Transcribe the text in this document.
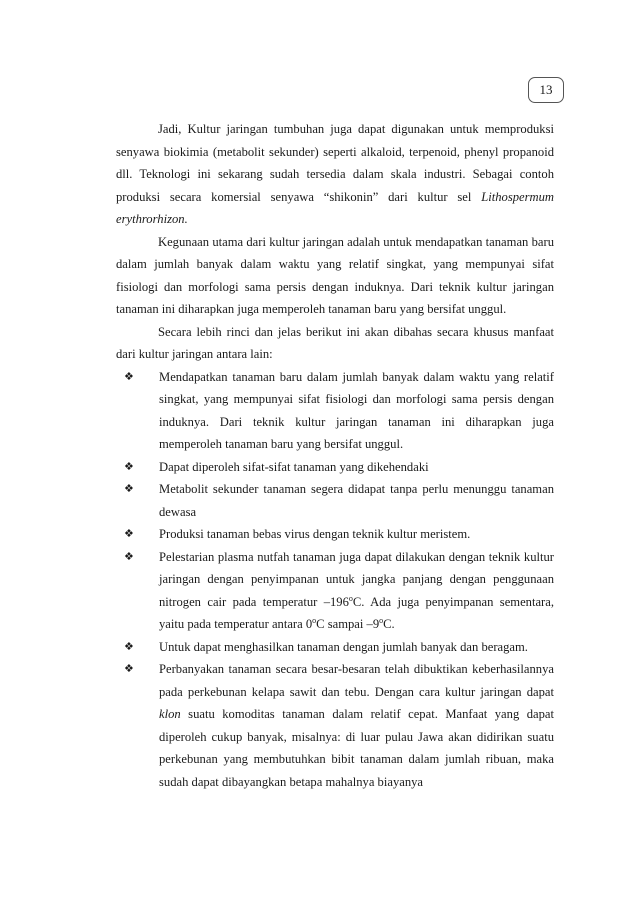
13

Jadi, Kultur jaringan tumbuhan juga dapat digunakan untuk memproduksi senyawa biokimia (metabolit sekunder) seperti alkaloid, terpenoid, phenyl propanoid dll. Teknologi ini sekarang sudah tersedia dalam skala industri. Sebagai contoh produksi secara komersial senyawa “shikonin” dari kultur sel Lithospermum erythrorhizon.

Kegunaan utama dari kultur jaringan adalah untuk mendapatkan tanaman baru dalam jumlah banyak dalam waktu yang relatif singkat, yang mempunyai sifat fisiologi dan morfologi sama persis dengan induknya. Dari teknik kultur jaringan tanaman ini diharapkan juga memperoleh tanaman baru yang bersifat unggul.

Secara lebih rinci dan jelas berikut ini akan dibahas secara khusus manfaat dari kultur jaringan antara lain:

❖ Mendapatkan tanaman baru dalam jumlah banyak dalam waktu yang relatif singkat, yang mempunyai sifat fisiologi dan morfologi sama persis dengan induknya. Dari teknik kultur jaringan tanaman ini diharapkan juga memperoleh tanaman baru yang bersifat unggul.
❖ Dapat diperoleh sifat-sifat tanaman yang dikehendaki
❖ Metabolit sekunder tanaman segera didapat tanpa perlu menunggu tanaman dewasa
❖ Produksi tanaman bebas virus dengan teknik kultur meristem.
❖ Pelestarian plasma nutfah tanaman juga dapat dilakukan dengan teknik kultur jaringan dengan penyimpanan untuk jangka panjang dengan penggunaan nitrogen cair pada temperatur –196$^o$C. Ada juga penyimpanan sementara, yaitu pada temperatur antara 0$^o$C sampai –9$^o$C.
❖ Untuk dapat menghasilkan tanaman dengan jumlah banyak dan beragam.
❖ Perbanyakan tanaman secara besar-besaran telah dibuktikan keberhasilannya pada perkebunan kelapa sawit dan tebu. Dengan cara kultur jaringan dapat klon suatu komoditas tanaman dalam relatif cepat. Manfaat yang dapat diperoleh cukup banyak, misalnya: di luar pulau Jawa akan didirikan suatu perkebunan yang membutuhkan bibit tanaman dalam jumlah ribuan, maka sudah dapat dibayangkan betapa mahalnya biayanya
